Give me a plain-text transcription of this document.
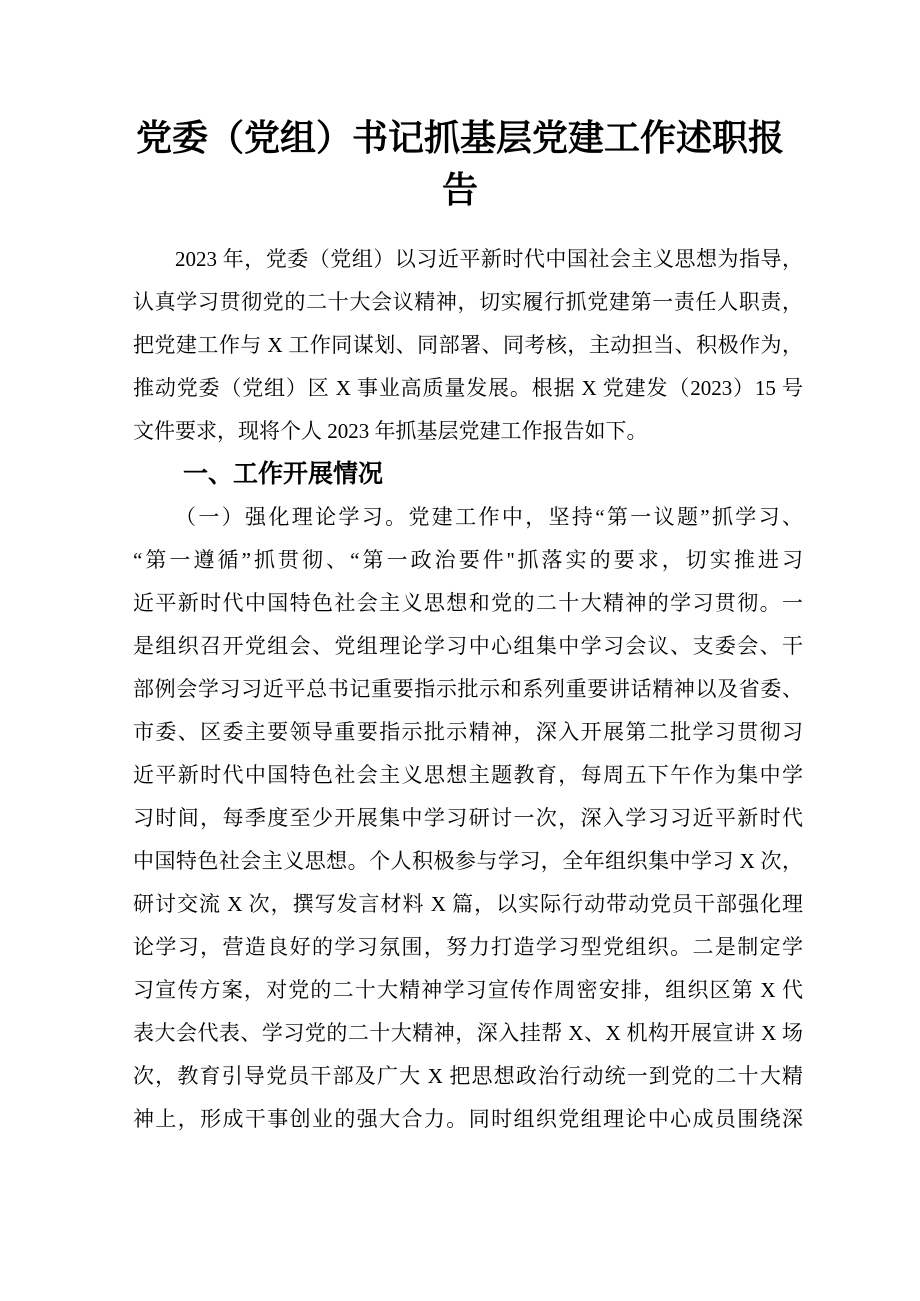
党委（党组）书记抓基层党建工作述职报告
2023 年，党委（党组）以习近平新时代中国社会主义思想为指导，
认真学习贯彻党的二十大会议精神，切实履行抓党建第一责任人职责，
把党建工作与 X 工作同谋划、同部署、同考核，主动担当、积极作为，
推动党委（党组）区 X 事业高质量发展。根据 X 党建发（2023）15 号
文件要求，现将个人 2023 年抓基层党建工作报告如下。
一、工作开展情况
（一）强化理论学习。党建工作中，坚持“第一议题”抓学习、
“第一遵循”抓贯彻、“第一政治要件''抓落实的要求，切实推进习
近平新时代中国特色社会主义思想和党的二十大精神的学习贯彻。一
是组织召开党组会、党组理论学习中心组集中学习会议、支委会、干
部例会学习习近平总书记重要指示批示和系列重要讲话精神以及省委、
市委、区委主要领导重要指示批示精神，深入开展第二批学习贯彻习
近平新时代中国特色社会主义思想主题教育，每周五下午作为集中学
习时间，每季度至少开展集中学习研讨一次，深入学习习近平新时代
中国特色社会主义思想。个人积极参与学习，全年组织集中学习 X 次，
研讨交流 X 次，撰写发言材料 X 篇，以实际行动带动党员干部强化理
论学习，营造良好的学习氛围，努力打造学习型党组织。二是制定学
习宣传方案，对党的二十大精神学习宣传作周密安排，组织区第 X 代
表大会代表、学习党的二十大精神，深入挂帮 X、X 机构开展宣讲 X 场
次，教育引导党员干部及广大 X 把思想政治行动统一到党的二十大精
神上，形成干事创业的强大合力。同时组织党组理论中心成员围绕深
